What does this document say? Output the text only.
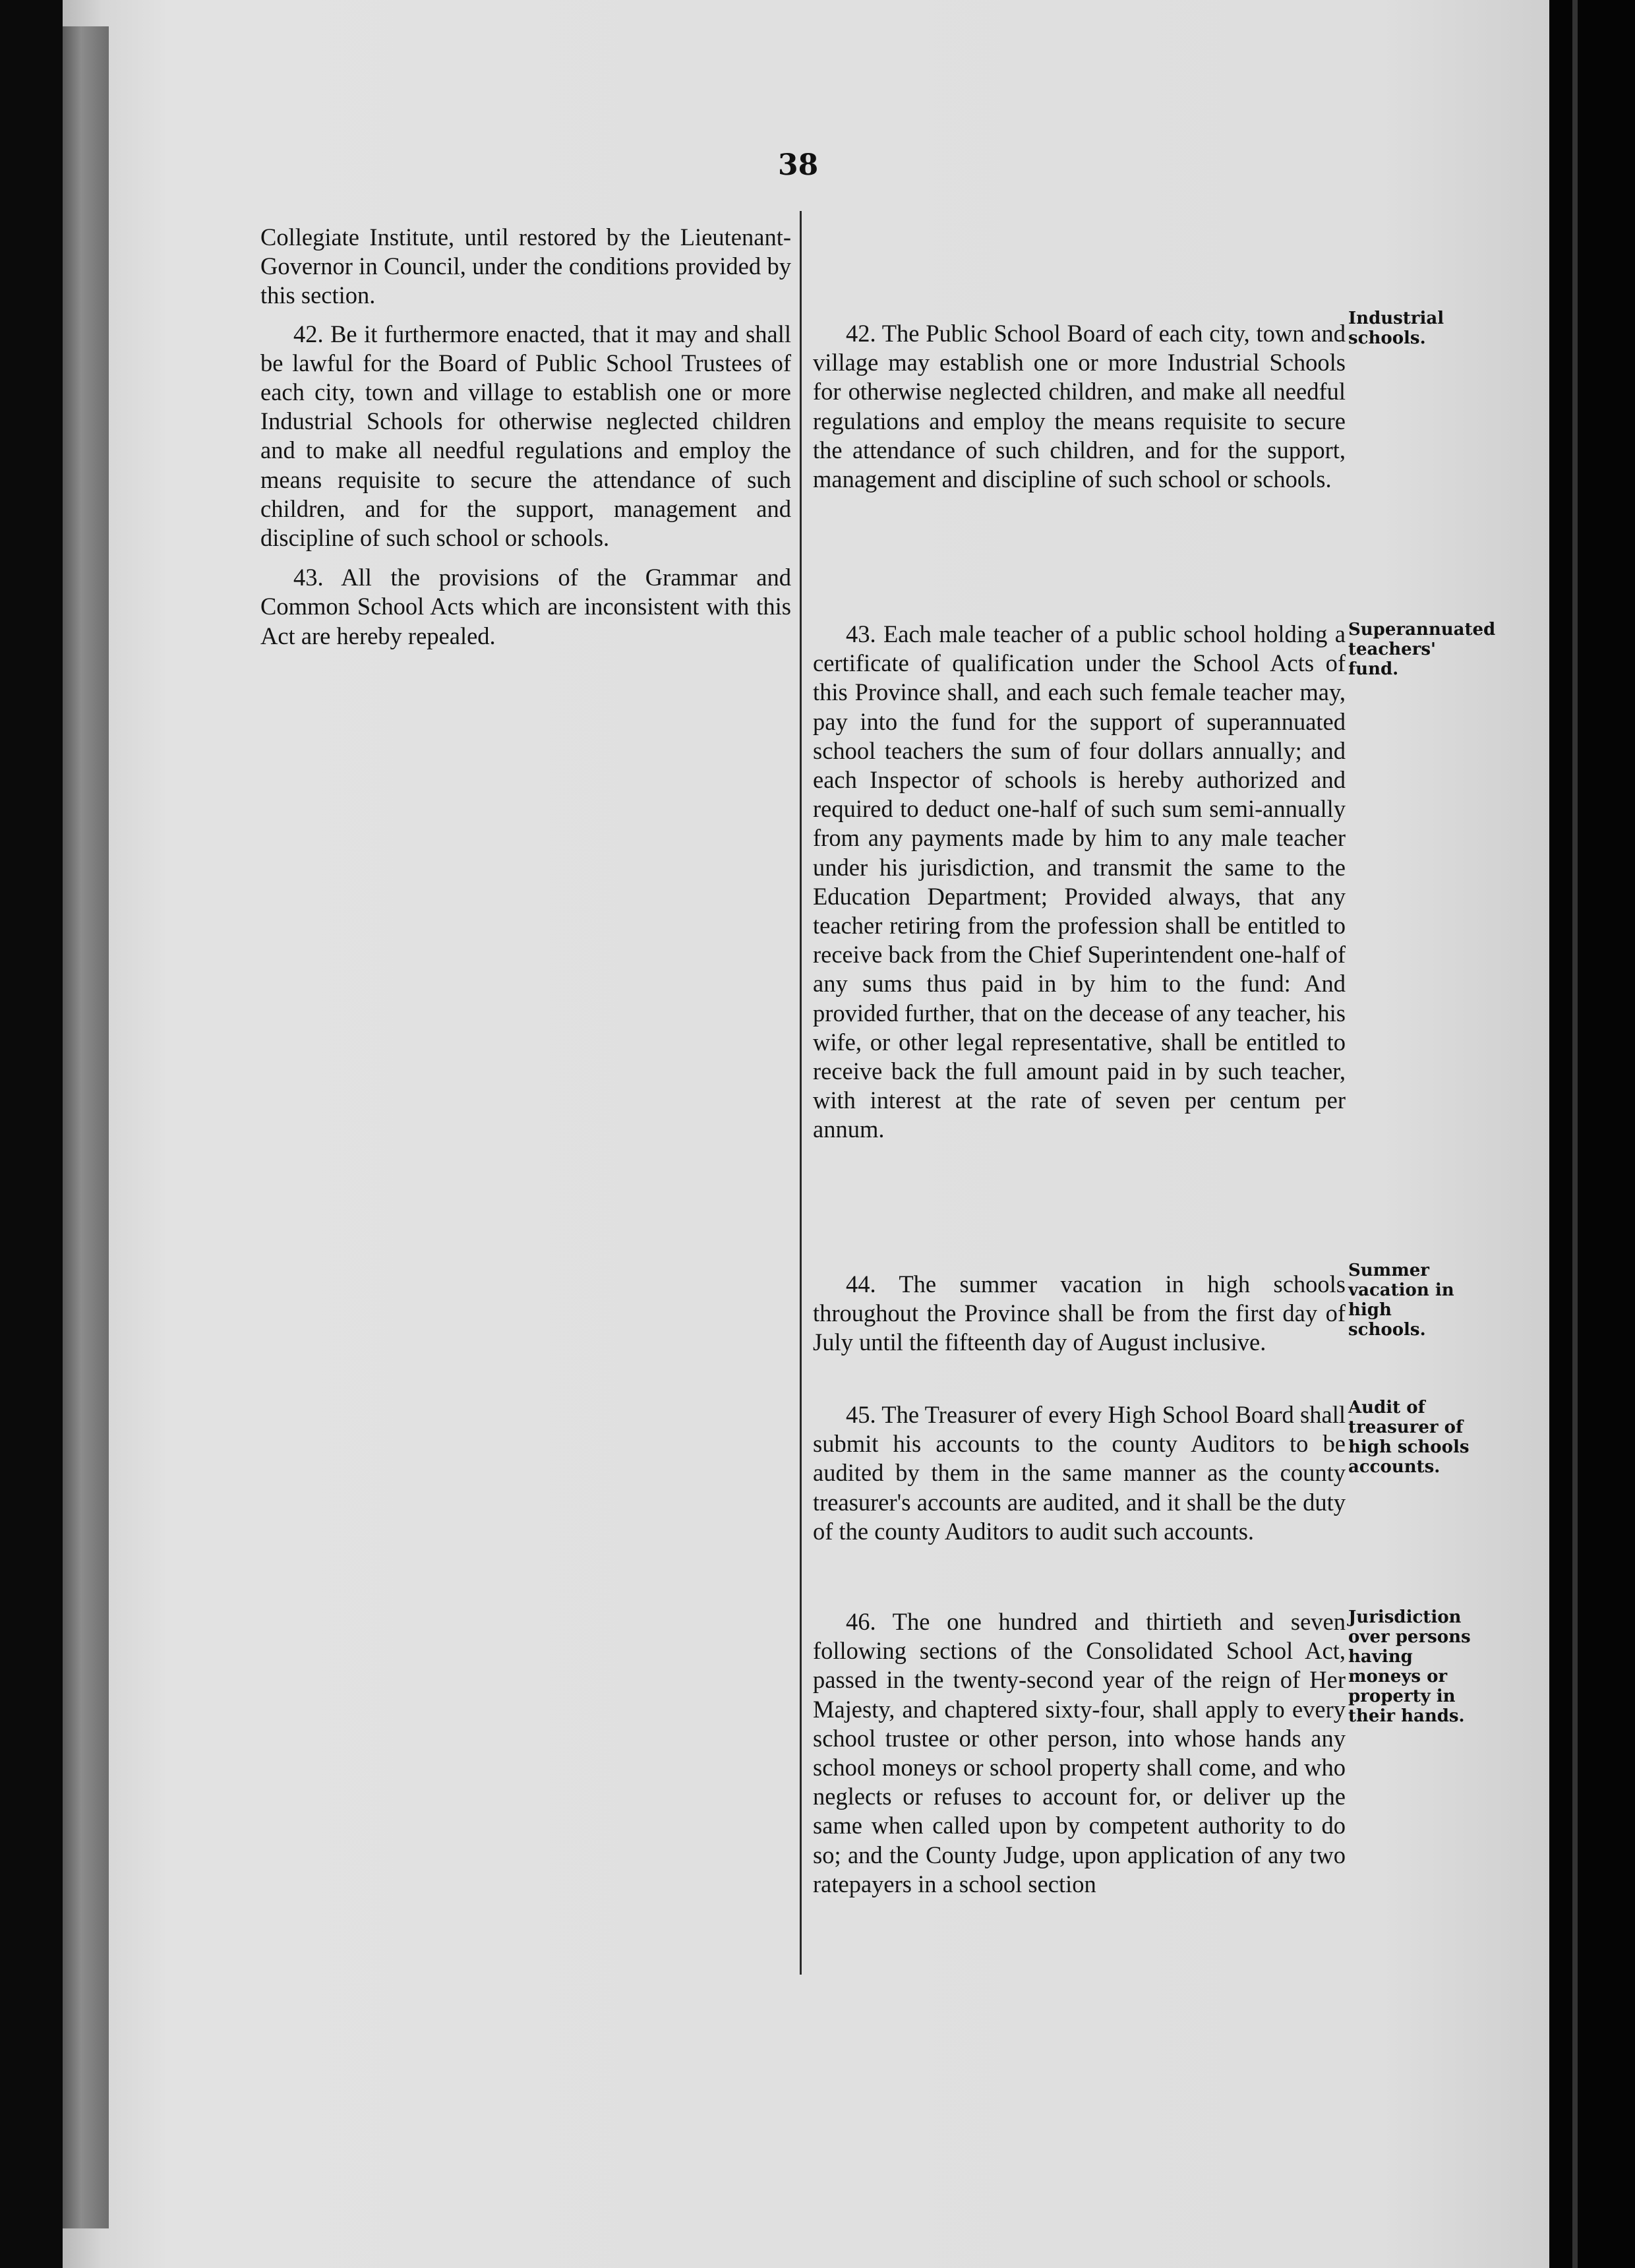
38

Collegiate Institute, until restored by the Lieutenant-Governor in Council, under the conditions provided by this section.

42. Be it furthermore enacted, that it may and shall be lawful for the Board of Public School Trustees of each city, town and village to establish one or more Industrial Schools for otherwise neglected children and to make all needful regulations and employ the means requisite to secure the attendance of such children, and for the support, management and discipline of such school or schools.

43. All the provisions of the Grammar and Common School Acts which are inconsistent with this Act are hereby repealed.

42. The Public School Board of each city, town and village may establish one or more Industrial Schools for otherwise neglected children, and make all needful regulations and employ the means requisite to secure the attendance of such children, and for the support, management and discipline of such school or schools.

43. Each male teacher of a public school holding a certificate of qualification under the School Acts of this Province shall, and each such female teacher may, pay into the fund for the support of superannuated school teachers the sum of four dollars annually; and each Inspector of schools is hereby authorized and required to deduct one-half of such sum semi-annually from any payments made by him to any male teacher under his jurisdiction, and transmit the same to the Education Department; Provided always, that any teacher retiring from the profession shall be entitled to receive back from the Chief Superintendent one-half of any sums thus paid in by him to the fund: And provided further, that on the decease of any teacher, his wife, or other legal representative, shall be entitled to receive back the full amount paid in by such teacher, with interest at the rate of seven per centum per annum.

44. The summer vacation in high schools throughout the Province shall be from the first day of July until the fifteenth day of August inclusive.

45. The Treasurer of every High School Board shall submit his accounts to the county Auditors to be audited by them in the same manner as the county treasurer's accounts are audited, and it shall be the duty of the county Auditors to audit such accounts.

46. The one hundred and thirtieth and seven following sections of the Consolidated School Act, passed in the twenty-second year of the reign of Her Majesty, and chaptered sixty-four, shall apply to every school trustee or other person, into whose hands any school moneys or school property shall come, and who neglects or refuses to account for, or deliver up the same when called upon by competent authority to do so; and the County Judge, upon application of any two ratepayers in a school section

Industrial schools.
Superannuated teachers' fund.
Summer vacation in high schools.
Audit of treasurer of high schools accounts.
Jurisdiction over persons having moneys or property in their hands.
